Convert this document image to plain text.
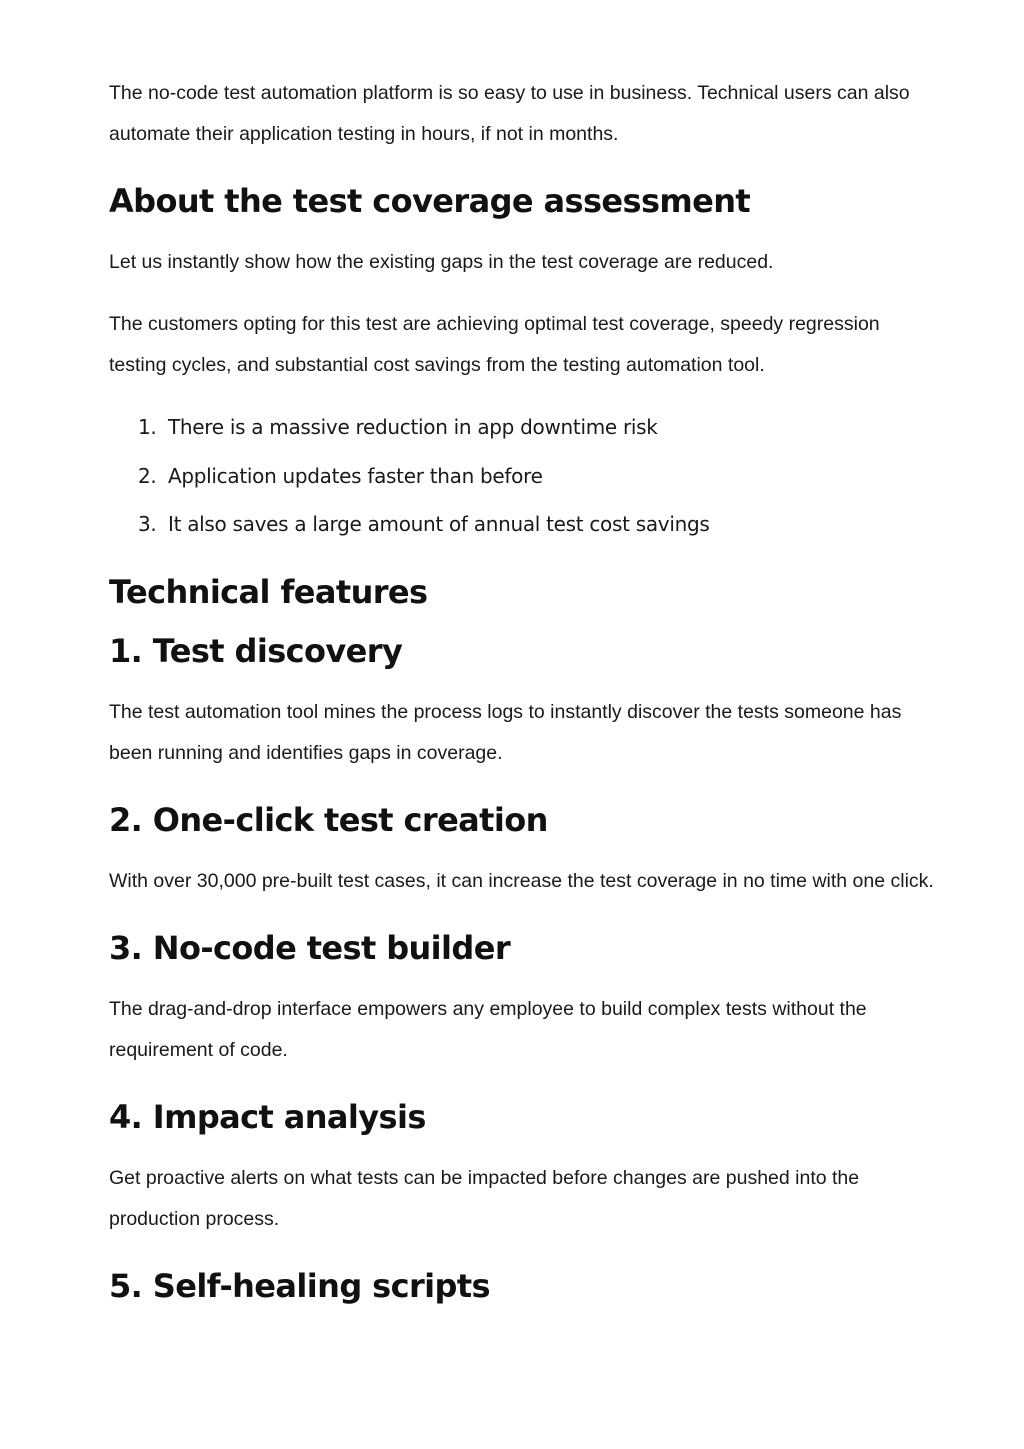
The no-code test automation platform is so easy to use in business. Technical users can also automate their application testing in hours, if not in months.

About the test coverage assessment

Let us instantly show how the existing gaps in the test coverage are reduced.

The customers opting for this test are achieving optimal test coverage, speedy regression testing cycles, and substantial cost savings from the testing automation tool.

1. There is a massive reduction in app downtime risk
2. Application updates faster than before
3. It also saves a large amount of annual test cost savings
Technical features
1. Test discovery

The test automation tool mines the process logs to instantly discover the tests someone has been running and identifies gaps in coverage.

2. One-click test creation

With over 30,000 pre-built test cases, it can increase the test coverage in no time with one click.

3. No-code test builder

The drag-and-drop interface empowers any employee to build complex tests without the requirement of code.

4. Impact analysis

Get proactive alerts on what tests can be impacted before changes are pushed into the production process.

5. Self-healing scripts
